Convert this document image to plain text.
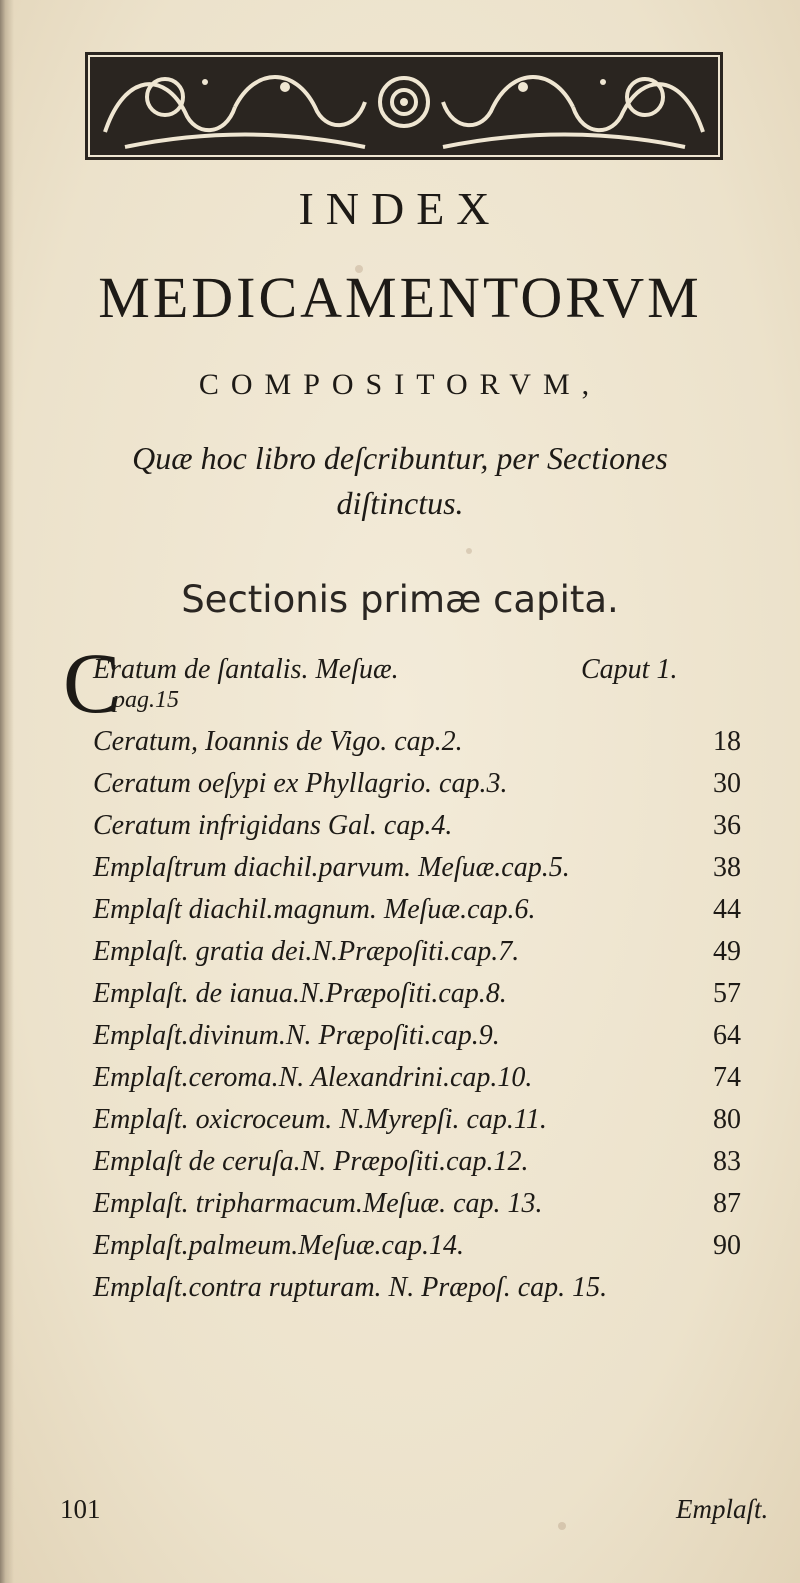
INDEX
MEDICAMENTORVM
COMPOSITORVM,
Quæ hoc libro deſcribuntur, per Sectiones
diſtinctus.
Sectionis primæ capita.
C
Eratum de ſantalis. Meſuæ.	Caput 1.
pag.15
Ceratum, Ioannis de Vigo. cap.2.	18
Ceratum oeſypi ex Phyllagrio. cap.3.	30
Ceratum infrigidans Gal. cap.4.	36
Emplaſtrum diachil.parvum. Meſuæ.cap.5.	38
Emplaſt diachil.magnum. Meſuæ.cap.6.	44
Emplaſt. gratia dei.N.Præpoſiti.cap.7.	49
Emplaſt. de ianua.N.Præpoſiti.cap.8.	57
Emplaſt.divinum.N. Præpoſiti.cap.9.	64
Emplaſt.ceroma.N. Alexandrini.cap.10.	74
Emplaſt. oxicroceum. N.Myrepſi. cap.11.	80
Emplaſt de ceruſa.N. Præpoſiti.cap.12.	83
Emplaſt. tripharmacum.Meſuæ. cap. 13.	87
Emplaſt.palmeum.Meſuæ.cap.14.	90
Emplaſt.contra rupturam. N. Præpoſ. cap. 15.
101	Emplaſt.
